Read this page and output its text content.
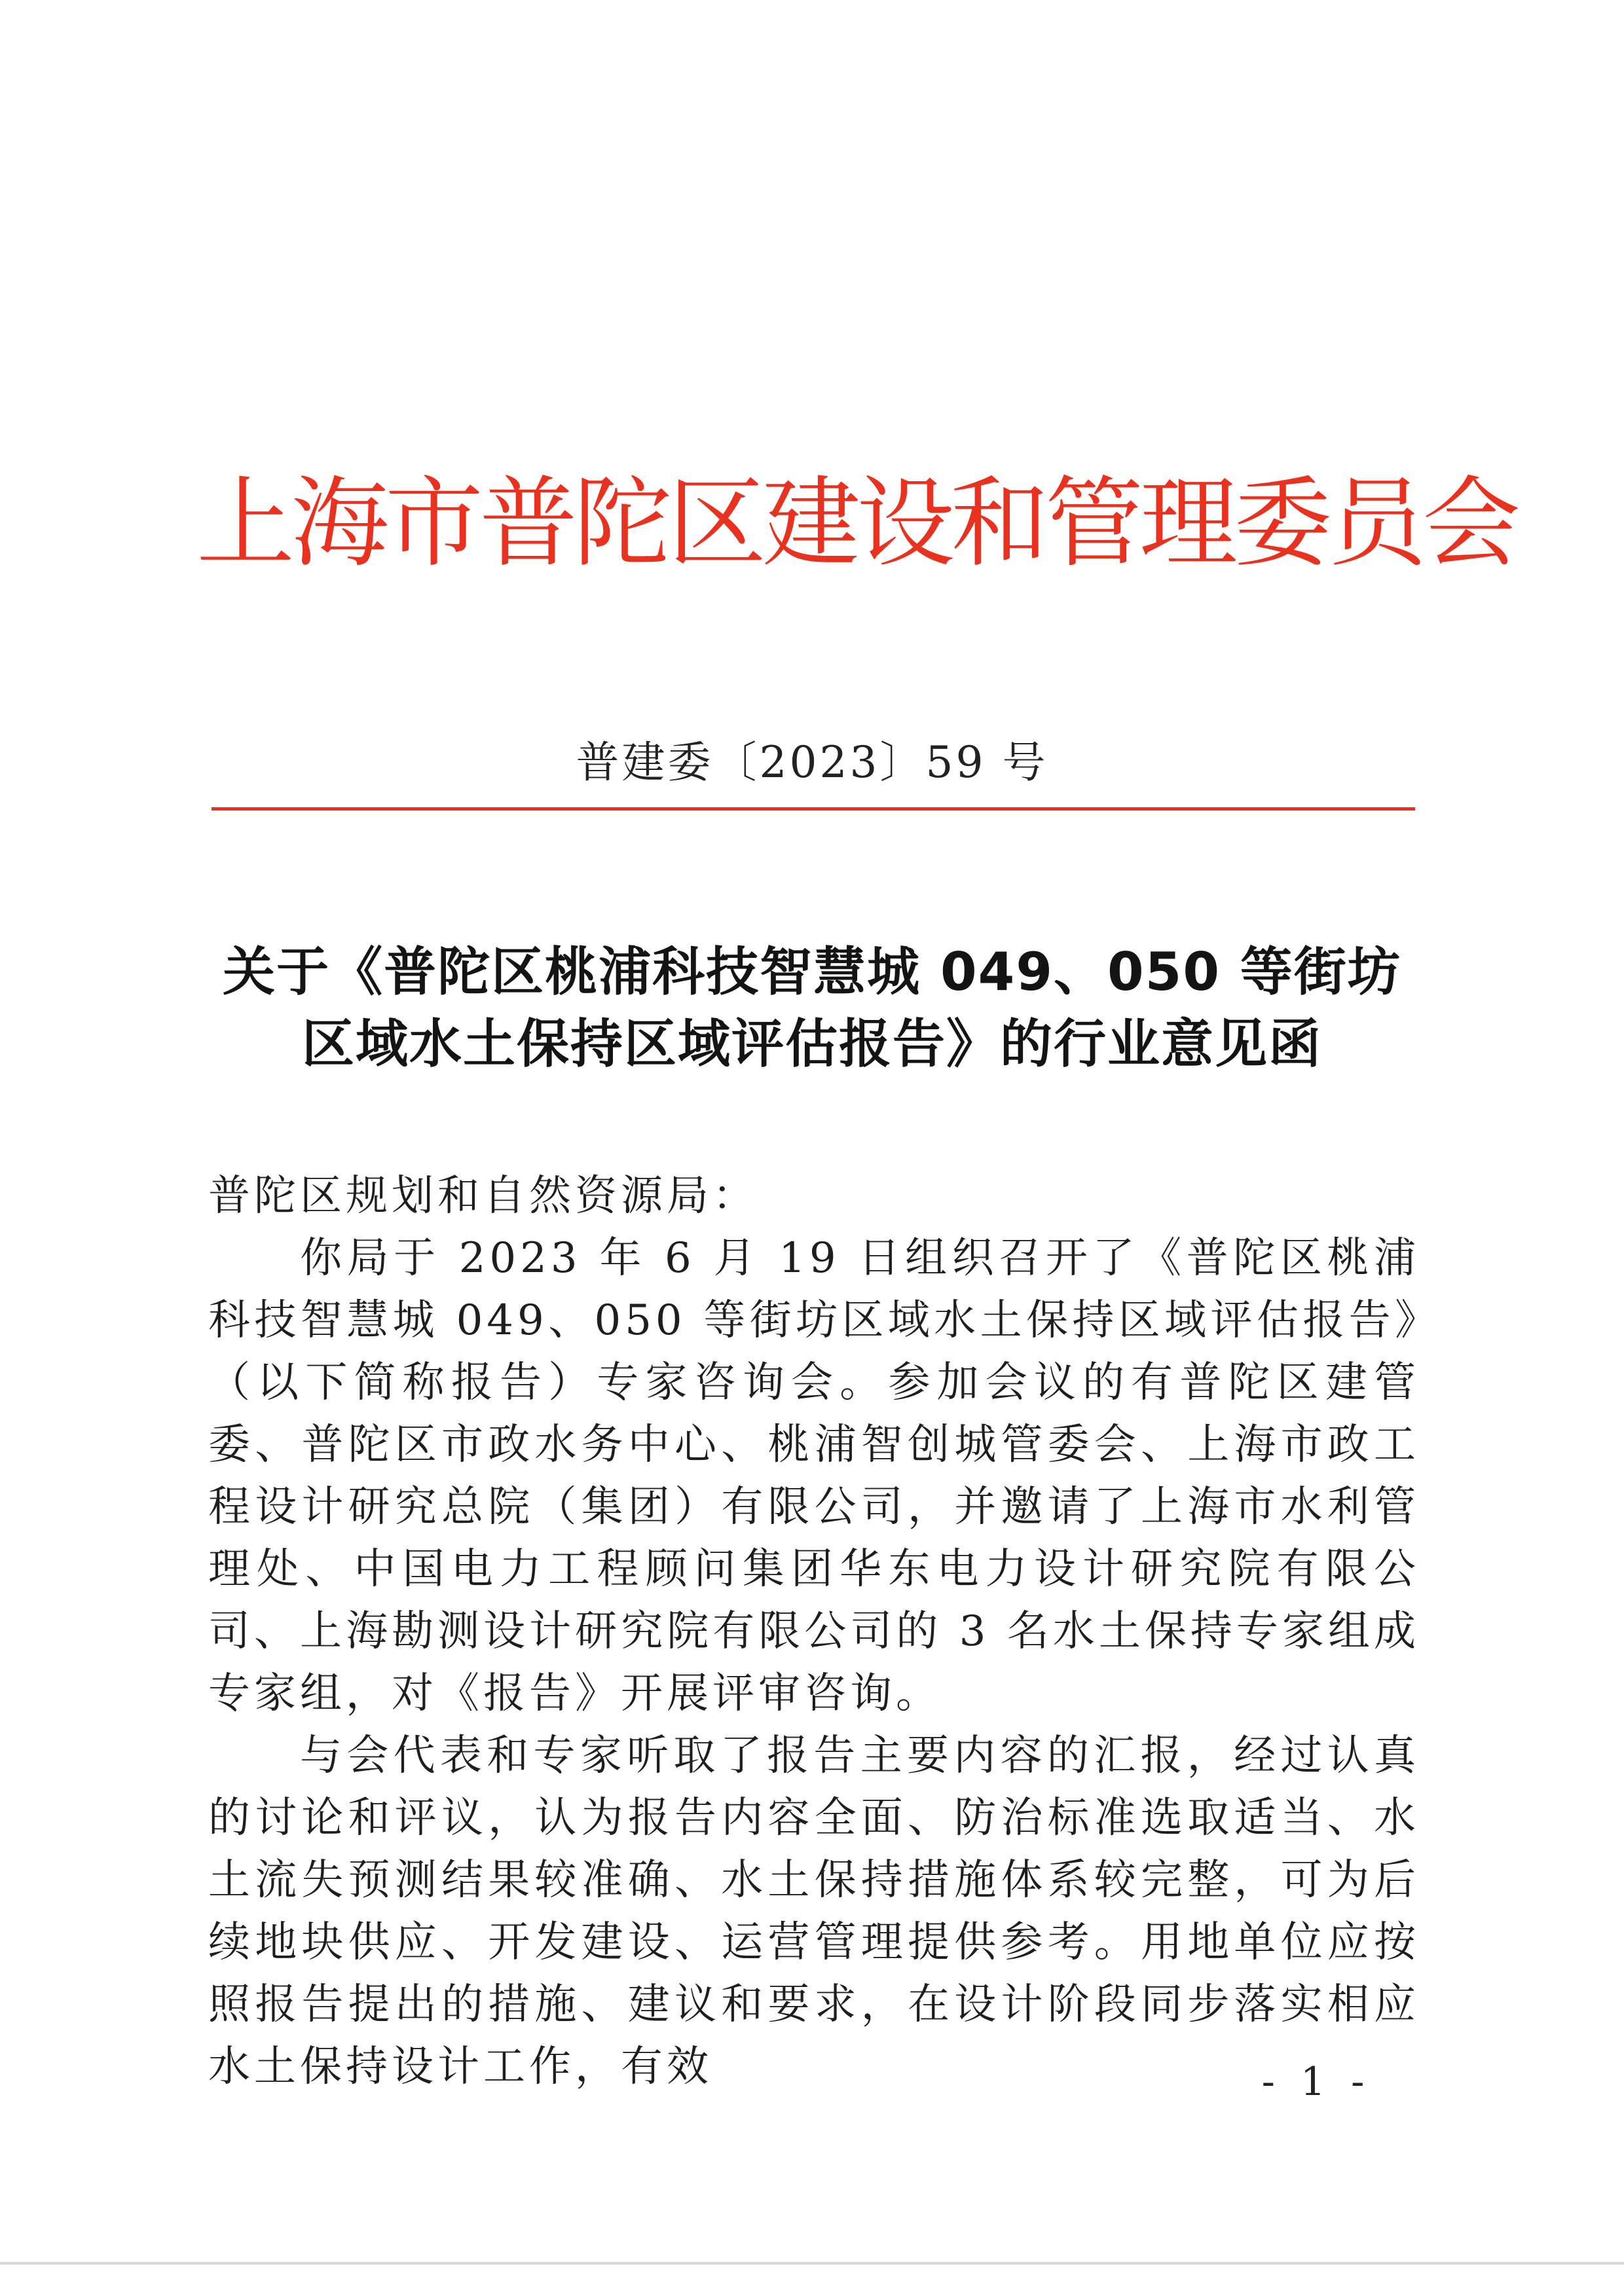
上海市普陀区建设和管理委员会
普建委〔2023〕59 号
关于《普陀区桃浦科技智慧城 049、050 等街坊
区域水土保持区域评估报告》的行业意见函

普陀区规划和自然资源局：

你局于 2023 年 6 月 19 日组织召开了《普陀区桃浦科技智慧城 049、050 等街坊区域水土保持区域评估报告》（以下简称报告）专家咨询会。参加会议的有普陀区建管委、普陀区市政水务中心、桃浦智创城管委会、上海市政工程设计研究总院（集团）有限公司，并邀请了上海市水利管理处、中国电力工程顾问集团华东电力设计研究院有限公司、上海勘测设计研究院有限公司的 3 名水土保持专家组成专家组，对《报告》开展评审咨询。

与会代表和专家听取了报告主要内容的汇报，经过认真的讨论和评议，认为报告内容全面、防治标准选取适当、水土流失预测结果较准确、水土保持措施体系较完整，可为后续地块供应、开发建设、运营管理提供参考。用地单位应按照报告提出的措施、建议和要求，在设计阶段同步落实相应水土保持设计工作，有效	- 1 -
